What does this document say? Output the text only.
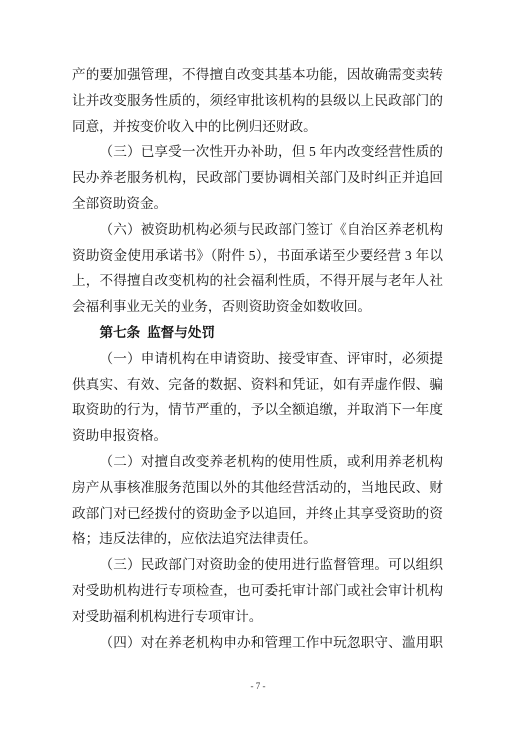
产的要加强管理，不得擅自改变其基本功能，因故确需变卖转
让并改变服务性质的，须经审批该机构的县级以上民政部门的
同意，并按变价收入中的比例归还财政。
（三）已享受一次性开办补助，但 5 年内改变经营性质的
民办养老服务机构，民政部门要协调相关部门及时纠正并追回
全部资助资金。
（六）被资助机构必须与民政部门签订《自治区养老机构
资助资金使用承诺书》（附件 5），书面承诺至少要经营 3 年以
上，不得擅自改变机构的社会福利性质，不得开展与老年人社
会福利事业无关的业务，否则资助资金如数收回。
第七条  监督与处罚
（一）申请机构在申请资助、接受审查、评审时，必须提
供真实、有效、完备的数据、资料和凭证，如有弄虚作假、骗
取资助的行为，情节严重的，予以全额追缴，并取消下一年度
资助申报资格。
（二）对擅自改变养老机构的使用性质，或利用养老机构
房产从事核准服务范围以外的其他经营活动的，当地民政、财
政部门对已经拨付的资助金予以追回，并终止其享受资助的资
格；违反法律的，应依法追究法律责任。
（三）民政部门对资助金的使用进行监督管理。可以组织
对受助机构进行专项检查，也可委托审计部门或社会审计机构
对受助福利机构进行专项审计。
（四）对在养老机构申办和管理工作中玩忽职守、滥用职
- 7 -
